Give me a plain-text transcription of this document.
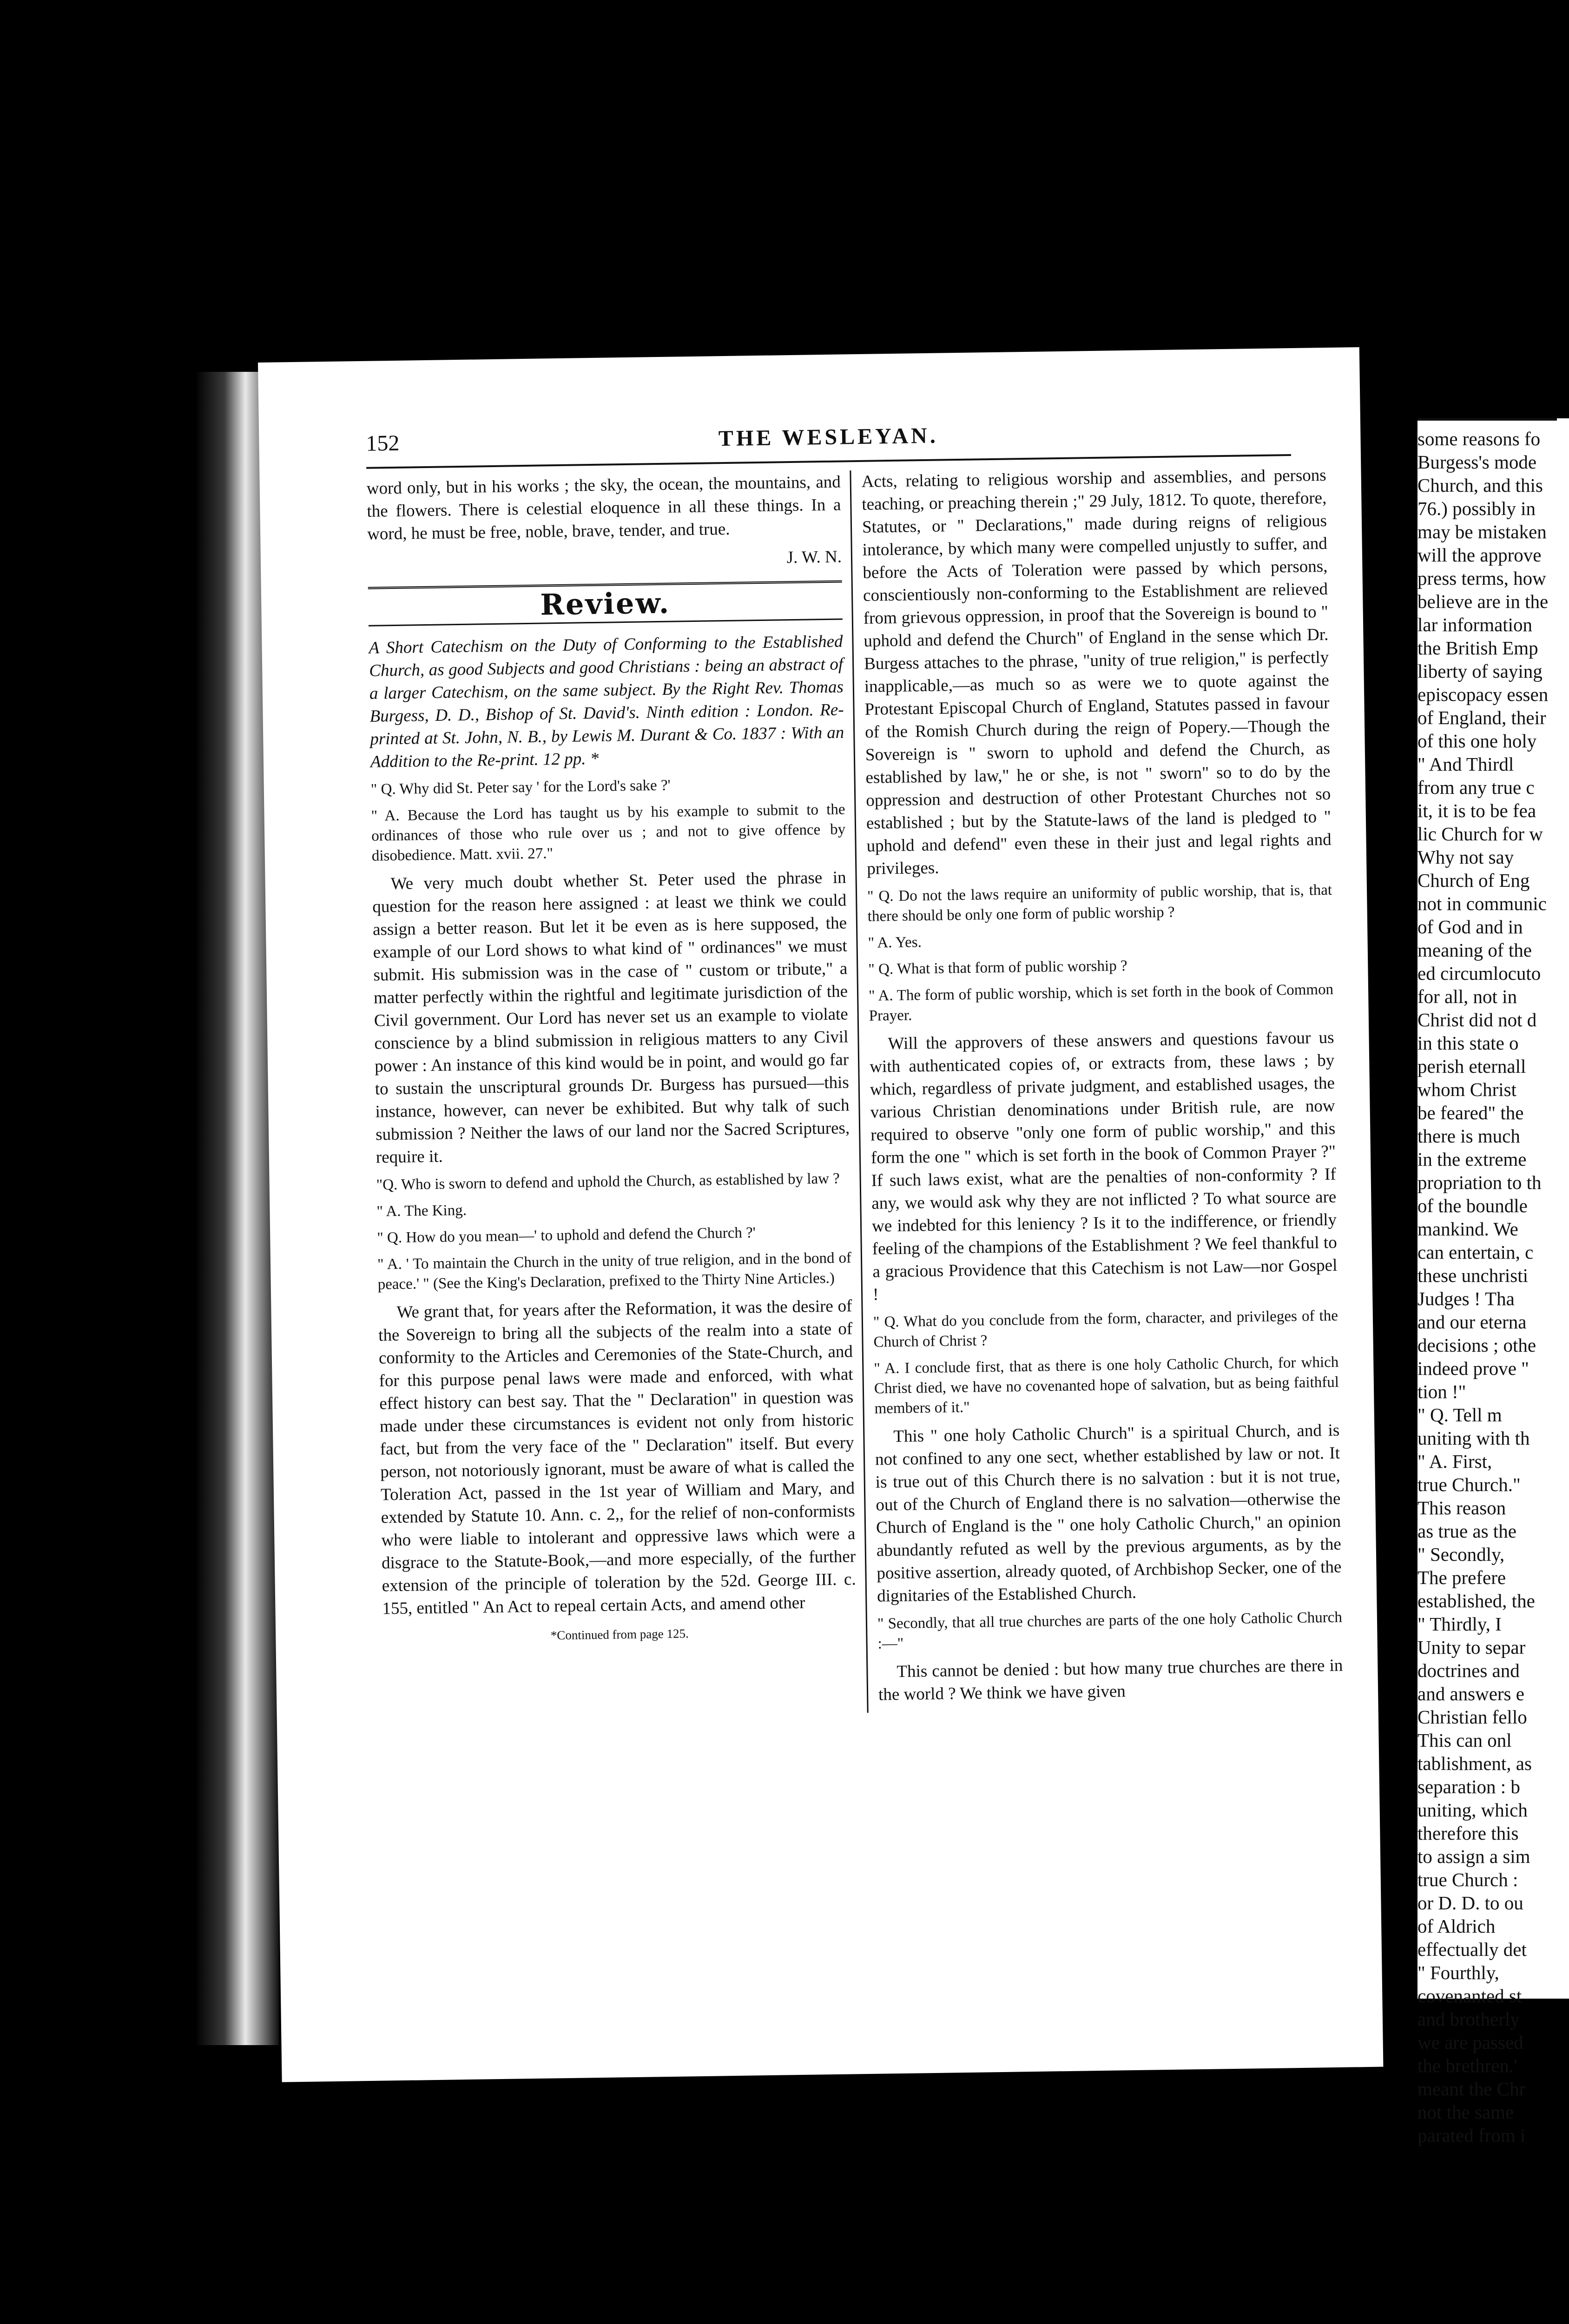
152	THE WESLEYAN.

word only, but in his works ; the sky, the ocean, the mountains, and the flowers. There is celestial eloquence in all these things. In a word, he must be free, noble, brave, tender, and true.

J. W. N.

Review.

A Short Catechism on the Duty of Conforming to the Established Church, as good Subjects and good Christians : being an abstract of a larger Catechism, on the same subject. By the Right Rev. Thomas Burgess, D. D., Bishop of St. David's. Ninth edition : London. Re-printed at St. John, N. B., by Lewis M. Durant & Co. 1837 : With an Addition to the Re-print. 12 pp. *

" Q. Why did St. Peter say ' for the Lord's sake ?'

" A. Because the Lord has taught us by his example to submit to the ordinances of those who rule over us ; and not to give offence by disobedience. Matt. xvii. 27."

We very much doubt whether St. Peter used the phrase in question for the reason here assigned : at least we think we could assign a better reason. But let it be even as is here supposed, the example of our Lord shows to what kind of " ordinances" we must submit. His submission was in the case of " custom or tribute," a matter perfectly within the rightful and legitimate jurisdiction of the Civil government. Our Lord has never set us an example to violate conscience by a blind submission in religious matters to any Civil power : An instance of this kind would be in point, and would go far to sustain the unscriptural grounds Dr. Burgess has pursued—this instance, however, can never be exhibited. But why talk of such submission ? Neither the laws of our land nor the Sacred Scriptures, require it.

"Q. Who is sworn to defend and uphold the Church, as established by law ?

" A. The King.

" Q. How do you mean—' to uphold and defend the Church ?'

" A. ' To maintain the Church in the unity of true religion, and in the bond of peace.' " (See the King's Declaration, prefixed to the Thirty Nine Articles.)

We grant that, for years after the Reformation, it was the desire of the Sovereign to bring all the subjects of the realm into a state of conformity to the Articles and Ceremonies of the State-Church, and for this purpose penal laws were made and enforced, with what effect history can best say. That the " Declaration" in question was made under these circumstances is evident not only from historic fact, but from the very face of the " Declaration" itself. But every person, not notoriously ignorant, must be aware of what is called the Toleration Act, passed in the 1st year of William and Mary, and extended by Statute 10. Ann. c. 2,, for the relief of non-conformists who were liable to intolerant and oppressive laws which were a disgrace to the Statute-Book,—and more especially, of the further extension of the principle of toleration by the 52d. George III. c. 155, entitled " An Act to repeal certain Acts, and amend other

*Continued from page 125.

Acts, relating to religious worship and assemblies, and persons teaching, or preaching therein ;" 29 July, 1812. To quote, therefore, Statutes, or " Declarations," made during reigns of religious intolerance, by which many were compelled unjustly to suffer, and before the Acts of Toleration were passed by which persons, conscientiously non-conforming to the Establishment are relieved from grievous oppression, in proof that the Sovereign is bound to " uphold and defend the Church" of England in the sense which Dr. Burgess attaches to the phrase, "unity of true religion," is perfectly inapplicable,—as much so as were we to quote against the Protestant Episcopal Church of England, Statutes passed in favour of the Romish Church during the reign of Popery.—Though the Sovereign is " sworn to uphold and defend the Church, as established by law," he or she, is not " sworn" so to do by the oppression and destruction of other Protestant Churches not so established ; but by the Statute-laws of the land is pledged to " uphold and defend" even these in their just and legal rights and privileges.

" Q. Do not the laws require an uniformity of public worship, that is, that there should be only one form of public worship ?

" A. Yes.

" Q. What is that form of public worship ?

" A. The form of public worship, which is set forth in the book of Common Prayer.

Will the approvers of these answers and questions favour us with authenticated copies of, or extracts from, these laws ; by which, regardless of private judgment, and established usages, the various Christian denominations under British rule, are now required to observe "only one form of public worship," and this form the one " which is set forth in the book of Common Prayer ?" If such laws exist, what are the penalties of non-conformity ? If any, we would ask why they are not inflicted ? To what source are we indebted for this leniency ? Is it to the indifference, or friendly feeling of the champions of the Establishment ? We feel thankful to a gracious Providence that this Catechism is not Law—nor Gospel !

" Q. What do you conclude from the form, character, and privileges of the Church of Christ ?

" A. I conclude first, that as there is one holy Catholic Church, for which Christ died, we have no covenanted hope of salvation, but as being faithful members of it."

This " one holy Catholic Church" is a spiritual Church, and is not confined to any one sect, whether established by law or not. It is true out of this Church there is no salvation : but it is not true, out of the Church of England there is no salvation—otherwise the Church of England is the " one holy Catholic Church," an opinion abundantly refuted as well by the previous arguments, as by the positive assertion, already quoted, of Archbishop Secker, one of the dignitaries of the Established Church.

" Secondly, that all true churches are parts of the one holy Catholic Church :—"

This cannot be denied : but how many true churches are there in the world ? We think we have given

some reasons fo

Burgess's mode

Church, and this

76.) possibly in

may be mistaken

will the approve

press terms, how

believe are in the

lar information

the British Emp

liberty of saying

episcopacy essen

of England, their

of this one holy

" And Thirdl

from any true c

it, it is to be fea

lic Church for w

Why not say

Church of Eng

not in communic

of God and in

meaning of the

ed circumlocuto

for all, not in

Christ did not d

in this state o

perish eternall

whom Christ

be feared" the

there is much

in the extreme

propriation to th

of the boundle

mankind. We

can entertain, c

these unchristi

Judges ! Tha

and our eterna

decisions ; othe

indeed prove "

tion !"

" Q. Tell m

uniting with th

" A. First,

true Church."

This reason

as true as the

" Secondly,

The prefere

established, the

" Thirdly, I

Unity to separ

doctrines and

and answers e

Christian fello

This can onl

tablishment, as

separation : b

uniting, which

therefore this

to assign a sim

true Church :

or D. D. to ou

of Aldrich

effectually det

" Fourthly,

covenanted st

and brotherly

we are passed

the brethren.'

meant the Chr

not the same

parated from i
